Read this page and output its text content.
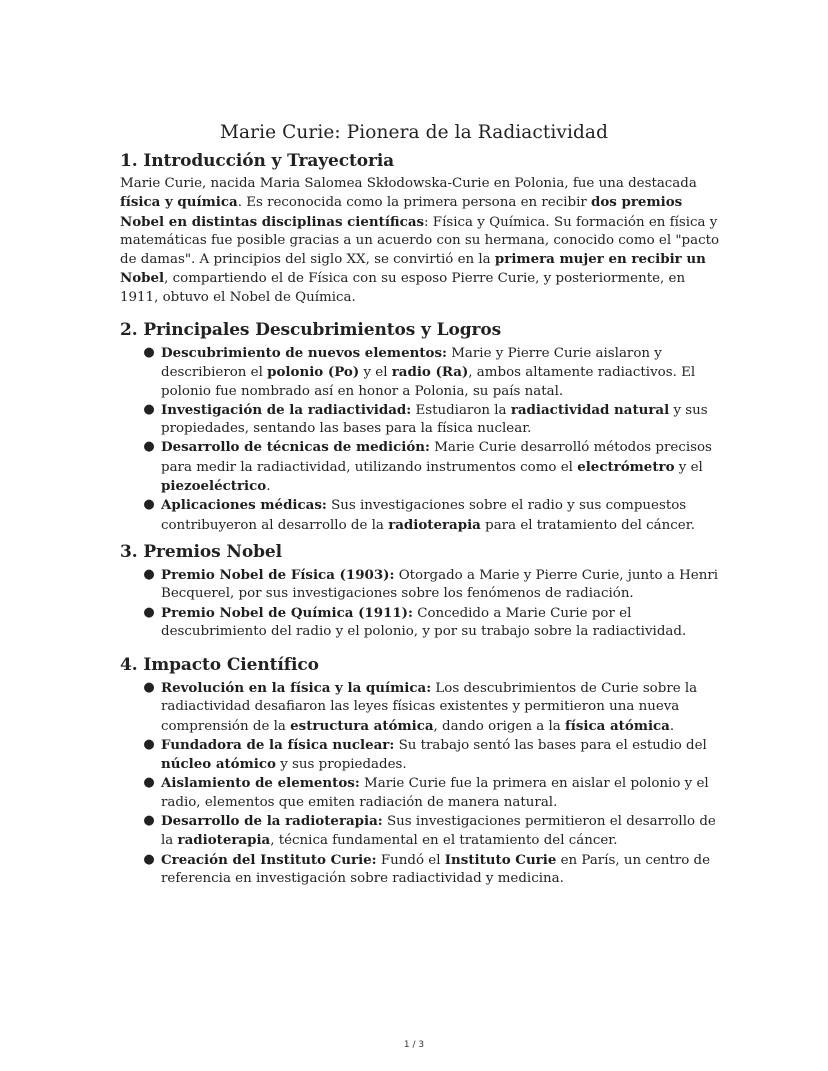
Marie Curie: Pionera de la Radiactividad
1. Introducción y Trayectoria

Marie Curie, nacida Maria Salomea Skłodowska-Curie en Polonia, fue una destacada física y química. Es reconocida como la primera persona en recibir dos premios Nobel en distintas disciplinas científicas: Física y Química. Su formación en física y matemáticas fue posible gracias a un acuerdo con su hermana, conocido como el "pacto de damas". A principios del siglo XX, se convirtió en la primera mujer en recibir un Nobel, compartiendo el de Física con su esposo Pierre Curie, y posteriormente, en 1911, obtuvo el Nobel de Química.

2. Principales Descubrimientos y Logros
● Descubrimiento de nuevos elementos: Marie y Pierre Curie aislaron y describieron el polonio (Po) y el radio (Ra), ambos altamente radiactivos. El polonio fue nombrado así en honor a Polonia, su país natal.
● Investigación de la radiactividad: Estudiaron la radiactividad natural y sus propiedades, sentando las bases para la física nuclear.
● Desarrollo de técnicas de medición: Marie Curie desarrolló métodos precisos para medir la radiactividad, utilizando instrumentos como el electrómetro y el piezoeléctrico.
● Aplicaciones médicas: Sus investigaciones sobre el radio y sus compuestos contribuyeron al desarrollo de la radioterapia para el tratamiento del cáncer.
3. Premios Nobel
● Premio Nobel de Física (1903): Otorgado a Marie y Pierre Curie, junto a Henri Becquerel, por sus investigaciones sobre los fenómenos de radiación.
● Premio Nobel de Química (1911): Concedido a Marie Curie por el descubrimiento del radio y el polonio, y por su trabajo sobre la radiactividad.
4. Impacto Científico
● Revolución en la física y la química: Los descubrimientos de Curie sobre la radiactividad desafiaron las leyes físicas existentes y permitieron una nueva comprensión de la estructura atómica, dando origen a la física atómica.
● Fundadora de la física nuclear: Su trabajo sentó las bases para el estudio del núcleo atómico y sus propiedades.
● Aislamiento de elementos: Marie Curie fue la primera en aislar el polonio y el radio, elementos que emiten radiación de manera natural.
● Desarrollo de la radioterapia: Sus investigaciones permitieron el desarrollo de la radioterapia, técnica fundamental en el tratamiento del cáncer.
● Creación del Instituto Curie: Fundó el Instituto Curie en París, un centro de referencia en investigación sobre radiactividad y medicina.
1 / 3
